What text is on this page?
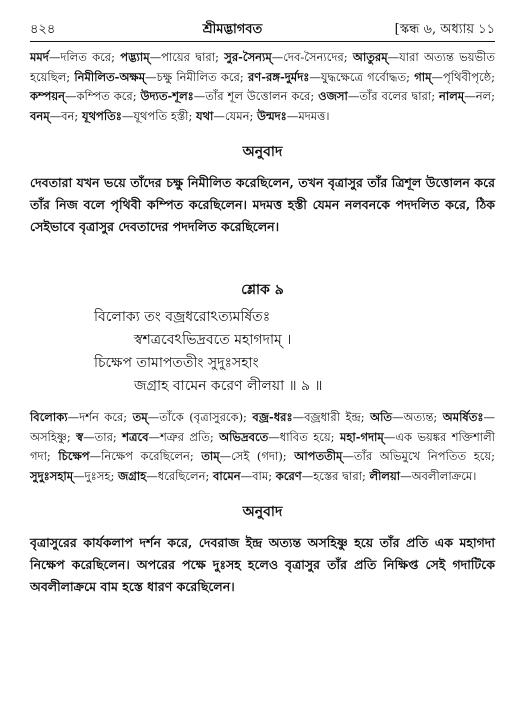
৪২৪	শ্রীমদ্ভাগবত	[স্কন্ধ ৬, অধ্যায় ১১

মমর্দ—দলিত করে; পদ্ভ্যাম্—পায়ের দ্বারা; সুর-সৈন্যম্—দেব-সৈন্যদের; আতুরম্—যারা অত্যন্ত ভয়ভীত হয়েছিল; নিমীলিত-অক্ষম্—চক্ষু নিমীলিত করে; রণ-রঙ্গ-দুর্মদঃ—যুদ্ধক্ষেত্রে গর্বোদ্ধত; গাম্—পৃথিবীপৃষ্ঠে; কম্পয়ন্—কম্পিত করে; উদ্যত-শূলঃ—তাঁর শূল উত্তোলন করে; ওজসা—তাঁর বলের দ্বারা; নালম্—নল; বনম্—বন; যূথপতিঃ—যূথপতি হস্তী; যথা—যেমন; উন্মদঃ—মদমত্ত।

অনুবাদ

দেবতারা যখন ভয়ে তাঁদের চক্ষু নিমীলিত করেছিলেন, তখন বৃত্রাসুর তাঁর ত্রিশূল উত্তোলন করে তাঁর নিজ বলে পৃথিবী কম্পিত করেছিলেন। মদমত্ত হস্তী যেমন নলবনকে পদদলিত করে, ঠিক সেইভাবে বৃত্রাসুর দেবতাদের পদদলিত করেছিলেন।

শ্লোক ৯
বিলোক্য তং বজ্রধরোঽত্যমর্ষিতঃ
স্বশত্রবেঽভিদ্রবতে মহাগদাম্ ।
চিক্ষেপ তামাপততীং সুদুঃসহাং
জগ্রাহ বামেন করেণ লীলয়া ॥ ৯ ॥

বিলোক্য—দর্শন করে; তম্—তাঁকে (বৃত্রাসুরকে); বজ্র-ধরঃ—বজ্রধারী ইন্দ্র; অতি—অত্যন্ত; অমর্ষিতঃ—অসহিষ্ণু; স্ব—তার; শত্রবে—শত্রুর প্রতি; অভিদ্রবতে—ধাবিত হয়ে; মহা-গদাম্—এক ভয়ঙ্কর শক্তিশালী গদা; চিক্ষেপ—নিক্ষেপ করেছিলেন; তাম্—সেই (গদা); আপততীম্—তাঁর অভিমুখে নিপতিত হয়ে; সুদুঃসহাম্—দুঃসহ; জগ্রাহ—ধরেছিলেন; বামেন—বাম; করেণ—হস্তের দ্বারা; লীলয়া—অবলীলাক্রমে।

অনুবাদ

বৃত্রাসুরের কার্যকলাপ দর্শন করে, দেবরাজ ইন্দ্র অত্যন্ত অসহিষ্ণু হয়ে তাঁর প্রতি এক মহাগদা নিক্ষেপ করেছিলেন। অপরের পক্ষে দুঃসহ হলেও বৃত্রাসুর তাঁর প্রতি নিক্ষিপ্ত সেই গদাটিকে অবলীলাক্রমে বাম হস্তে ধারণ করেছিলেন।
